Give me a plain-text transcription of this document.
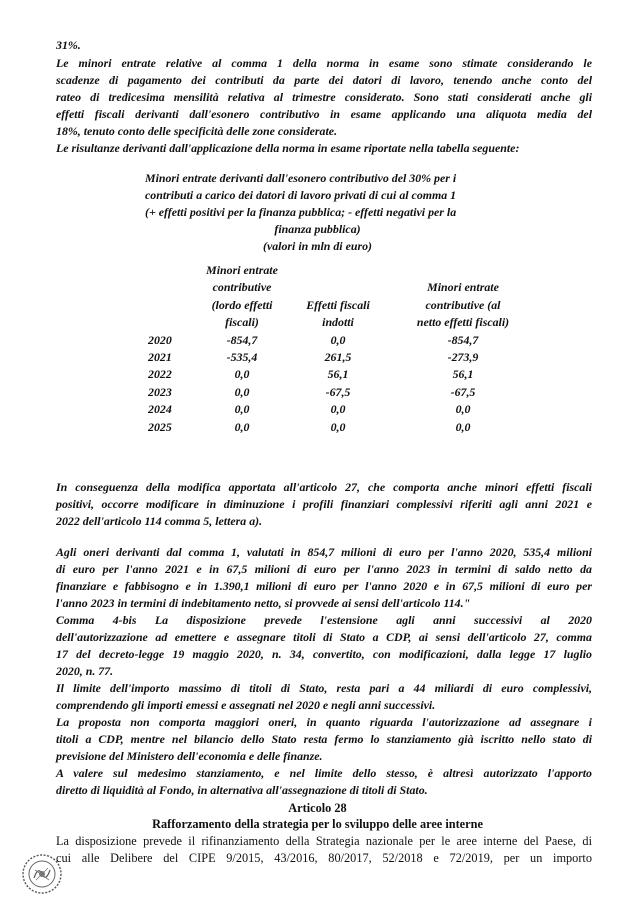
31%.
Le minori entrate relative al comma 1 della norma in esame sono stimate considerando le
scadenze di pagamento dei contributi da parte dei datori di lavoro, tenendo anche conto del
rateo di tredicesima mensilità relativa al trimestre considerato. Sono stati considerati anche gli
effetti fiscali derivanti dall'esonero contributivo in esame applicando una aliquota media del
18%, tenuto conto delle specificità delle zone considerate.
Le risultanze derivanti dall'applicazione della norma in esame riportate nella tabella seguente:
Minori entrate derivanti dall'esonero contributivo del 30% per i
contributi a carico dei datori di lavoro privati di cui al comma 1
(+ effetti positivi per la finanza pubblica; - effetti negativi per la
finanza pubblica)
(valori in mln di euro)
	Minori entrate		
	contributive		Minori entrate
	(lordo effetti	Effetti fiscali	contributive (al
	fiscali)	indotti	netto effetti fiscali)
2020	-854,7	0,0	-854,7
2021	-535,4	261,5	-273,9
2022	0,0	56,1	56,1
2023	0,0	-67,5	-67,5
2024	0,0	0,0	0,0
2025	0,0	0,0	0,0
In conseguenza della modifica apportata all'articolo 27, che comporta anche minori effetti fiscali
positivi, occorre modificare in diminuzione i profili finanziari complessivi riferiti agli anni 2021 e
2022 dell'articolo 114 comma 5, lettera a).
Agli oneri derivanti dal comma 1, valutati in 854,7 milioni di euro per l'anno 2020, 535,4 milioni
di euro per l'anno 2021 e in 67,5 milioni di euro per l'anno 2023 in termini di saldo netto da
finanziare e fabbisogno e in 1.390,1 milioni di euro per l'anno 2020 e in 67,5 milioni di euro per
l'anno 2023 in termini di indebitamento netto, si provvede ai sensi dell'articolo 114."
Comma 4-bis La disposizione prevede l'estensione agli anni successivi al 2020
dell'autorizzazione ad emettere e assegnare titoli di Stato a CDP, ai sensi dell'articolo 27, comma
17 del decreto-legge 19 maggio 2020, n. 34, convertito, con modificazioni, dalla legge 17 luglio
2020, n. 77.
Il limite dell'importo massimo di titoli di Stato, resta pari a 44 miliardi di euro complessivi,
comprendendo gli importi emessi e assegnati nel 2020 e negli anni successivi.
La proposta non comporta maggiori oneri, in quanto riguarda l'autorizzazione ad assegnare i
titoli a CDP, mentre nel bilancio dello Stato resta fermo lo stanziamento già iscritto nello stato di
previsione del Ministero dell'economia e delle finanze.
A valere sul medesimo stanziamento, e nel limite dello stesso, è altresì autorizzato l'apporto
diretto di liquidità al Fondo, in alternativa all'assegnazione di titoli di Stato.
Articolo 28
Rafforzamento della strategia per lo sviluppo delle aree interne
La disposizione prevede il rifinanziamento della Strategia nazionale per le aree interne del Paese, di
cui alle Delibere del CIPE 9/2015, 43/2016, 80/2017, 52/2018 e 72/2019, per un importo
